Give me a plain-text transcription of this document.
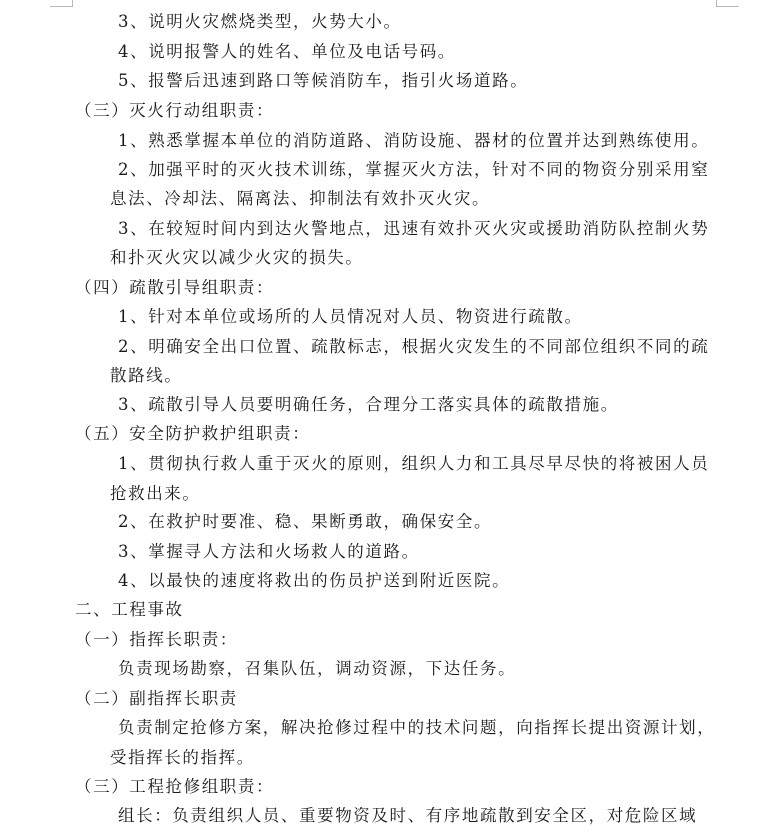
3、说明火灾燃烧类型，火势大小。
4、说明报警人的姓名、单位及电话号码。
5、报警后迅速到路口等候消防车，指引火场道路。
（三）灭火行动组职责：
1、熟悉掌握本单位的消防道路、消防设施、器材的位置并达到熟练使用。
2、加强平时的灭火技术训练，掌握灭火方法，针对不同的物资分别采用窒
息法、冷却法、隔离法、抑制法有效扑灭火灾。
3、在较短时间内到达火警地点，迅速有效扑灭火灾或援助消防队控制火势
和扑灭火灾以减少火灾的损失。
（四）疏散引导组职责：
1、针对本单位或场所的人员情况对人员、物资进行疏散。
2、明确安全出口位置、疏散标志，根据火灾发生的不同部位组织不同的疏
散路线。
3、疏散引导人员要明确任务，合理分工落实具体的疏散措施。
（五）安全防护救护组职责：
1、贯彻执行救人重于灭火的原则，组织人力和工具尽早尽快的将被困人员
抢救出来。
2、在救护时要准、稳、果断勇敢，确保安全。
3、掌握寻人方法和火场救人的道路。
4、以最快的速度将救出的伤员护送到附近医院。
二、工程事故
（一）指挥长职责：
负责现场勘察，召集队伍，调动资源，下达任务。
（二）副指挥长职责
负责制定抢修方案，解决抢修过程中的技术问题，向指挥长提出资源计划，
受指挥长的指挥。
（三）工程抢修组职责：
组长：负责组织人员、重要物资及时、有序地疏散到安全区，对危险区域
